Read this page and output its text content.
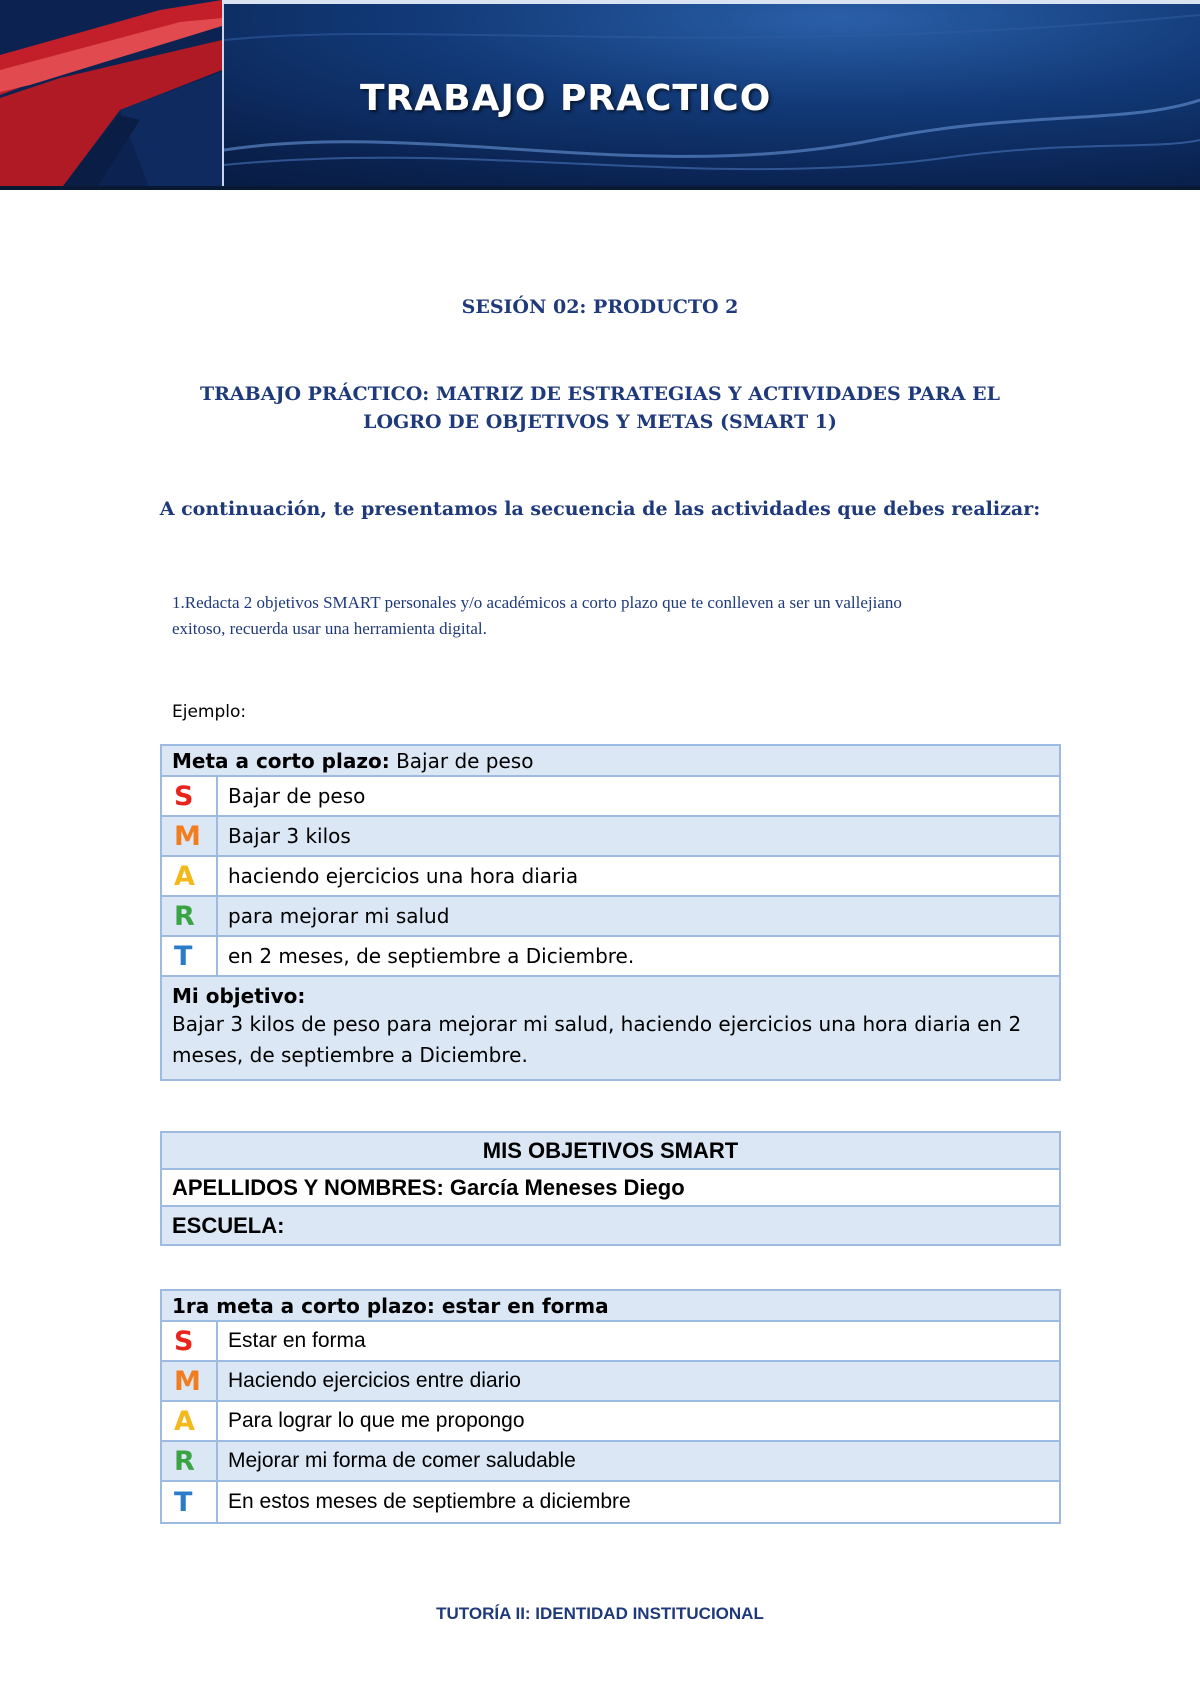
TRABAJO PRACTICO
SESIÓN 02: PRODUCTO 2
TRABAJO PRÁCTICO: MATRIZ DE ESTRATEGIAS Y ACTIVIDADES PARA EL
LOGRO DE OBJETIVOS Y METAS (SMART 1)
A continuación, te presentamos la secuencia de las actividades que debes realizar:
1.Redacta 2 objetivos SMART personales y/o académicos a corto plazo que te conlleven a ser un vallejiano
exitoso, recuerda usar una herramienta digital.
Ejemplo:
Meta a corto plazo: Bajar de peso
S	Bajar de peso
M	Bajar 3 kilos
A	haciendo ejercicios una hora diaria
R	para mejorar mi salud
T	en 2 meses, de septiembre a Diciembre.
Mi objetivo:
Bajar 3 kilos de peso para mejorar mi salud, haciendo ejercicios una hora diaria en 2
meses, de septiembre a Diciembre.
MIS OBJETIVOS SMART
APELLIDOS Y NOMBRES: García Meneses Diego
ESCUELA:
1ra meta a corto plazo: estar en forma
S	Estar en forma
M	Haciendo ejercicios entre diario
A	Para lograr lo que me propongo
R	Mejorar mi forma de comer saludable
T	En estos meses de septiembre a diciembre
TUTORÍA II: IDENTIDAD INSTITUCIONAL
